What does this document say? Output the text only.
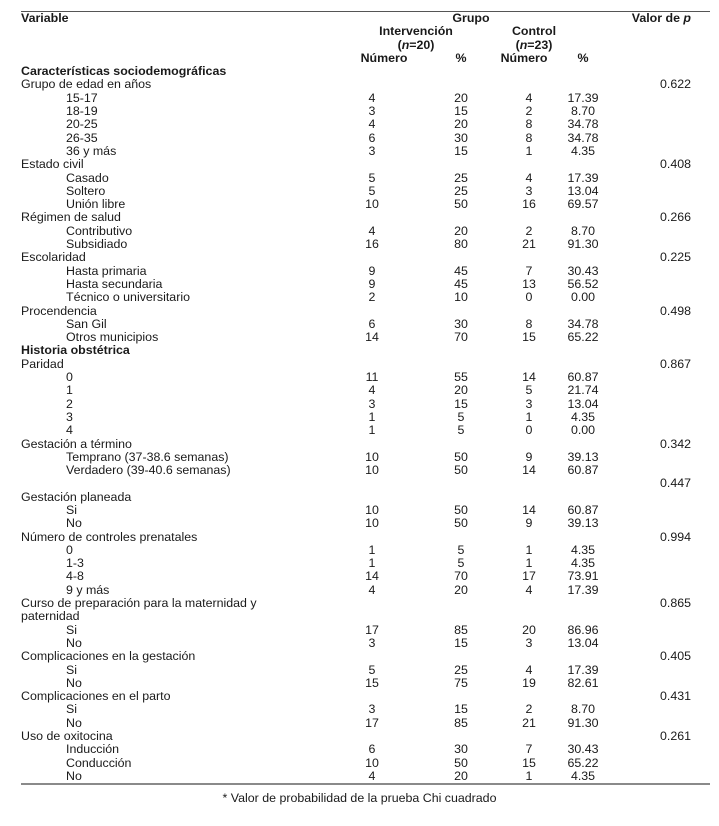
Variable	Grupo	Valor de p
Intervención	Control
(n=20)	(n=23)
Número	%	Número	%
Características sociodemográficas
Grupo de edad en años	0.622
15-17	4	20	4	17.39
18-19	3	15	2	8.70
20-25	4	20	8	34.78
26-35	6	30	8	34.78
36 y más	3	15	1	4.35
Estado civil	0.408
Casado	5	25	4	17.39
Soltero	5	25	3	13.04
Unión libre	10	50	16	69.57
Régimen de salud	0.266
Contributivo	4	20	2	8.70
Subsidiado	16	80	21	91.30
Escolaridad	0.225
Hasta primaria	9	45	7	30.43
Hasta secundaria	9	45	13	56.52
Técnico o universitario	2	10	0	0.00
Procendencia	0.498
San Gil	6	30	8	34.78
Otros municipios	14	70	15	65.22
Historia obstétrica
Paridad	0.867
0	11	55	14	60.87
1	4	20	5	21.74
2	3	15	3	13.04
3	1	5	1	4.35
4	1	5	0	0.00
Gestación a término	0.342
Temprano (37-38.6 semanas)	10	50	9	39.13
Verdadero (39-40.6 semanas)	10	50	14	60.87
0.447
Gestación planeada
Si	10	50	14	60.87
No	10	50	9	39.13
Número de controles prenatales	0.994
0	1	5	1	4.35
1-3	1	5	1	4.35
4-8	14	70	17	73.91
9 y más	4	20	4	17.39
Curso de preparación para la maternidad y	0.865
paternidad
Si	17	85	20	86.96
No	3	15	3	13.04
Complicaciones en la gestación	0.405
Si	5	25	4	17.39
No	15	75	19	82.61
Complicaciones en el parto	0.431
Si	3	15	2	8.70
No	17	85	21	91.30
Uso de oxitocina	0.261
Inducción	6	30	7	30.43
Conducción	10	50	15	65.22
No	4	20	1	4.35
* Valor de probabilidad de la prueba Chi cuadrado
